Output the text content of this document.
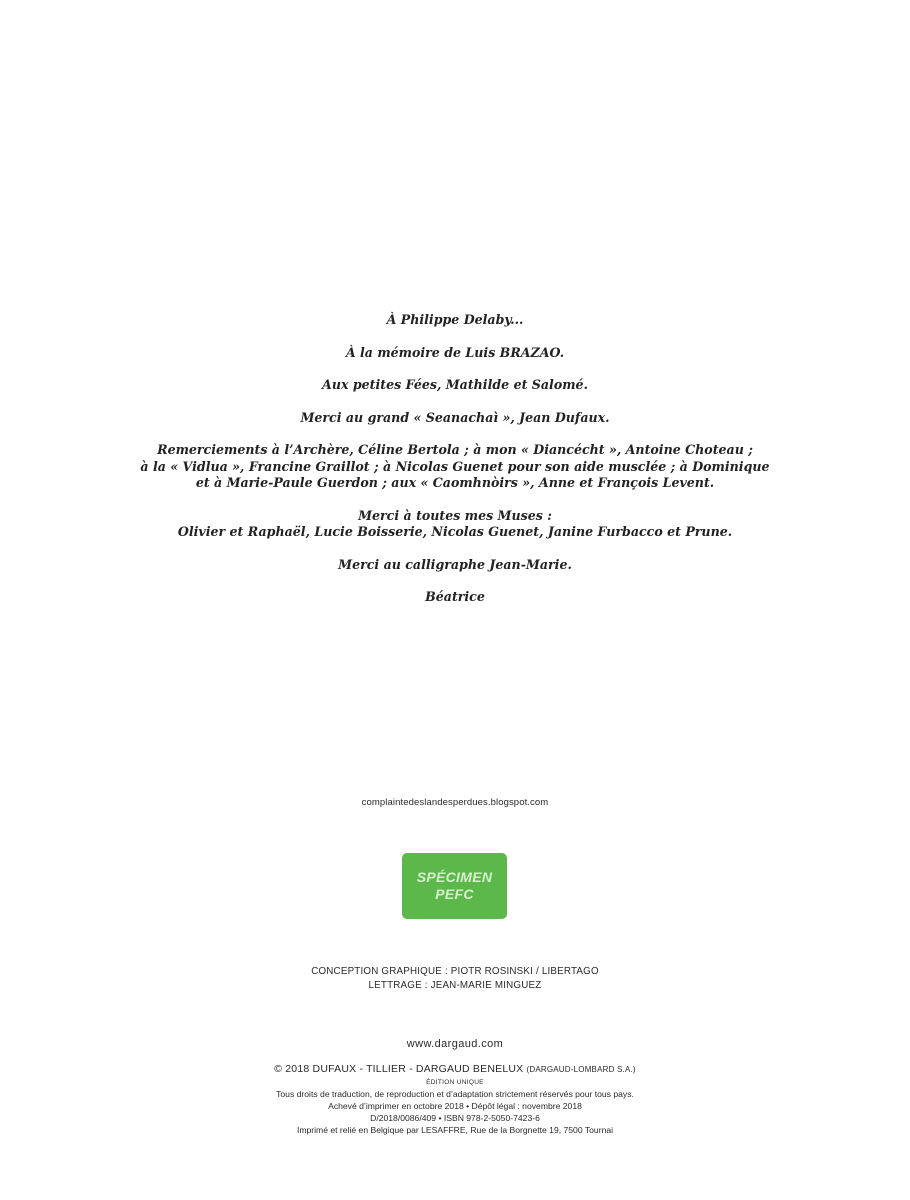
À Philippe Delaby...

À la mémoire de Luis BRAZAO.

Aux petites Fées, Mathilde et Salomé.

Merci au grand « Seanachaì », Jean Dufaux.

Remerciements à l’Archère, Céline Bertola ; à mon « Diancécht », Antoine Choteau ;
à la « Vidlua », Francine Graillot ; à Nicolas Guenet pour son aide musclée ; à Dominique
et à Marie-Paule Guerdon ; aux « Caomhnòirs », Anne et François Levent.

Merci à toutes mes Muses :
Olivier et Raphaël, Lucie Boisserie, Nicolas Guenet, Janine Furbacco et Prune.

Merci au calligraphe Jean-Marie.

Béatrice

complaintedeslandesperdues.blogspot.com
SPÉCIMEN
PEFC
CONCEPTION GRAPHIQUE : PIOTR ROSINSKI / LIBERTAGO
LETTRAGE : JEAN-MARIE MINGUEZ
www.dargaud.com
© 2018 DUFAUX - TILLIER - DARGAUD BENELUX (DARGAUD-LOMBARD S.A.)
ÉDITION UNIQUE
Tous droits de traduction, de reproduction et d’adaptation strictement réservés pour tous pays.
Achevé d’imprimer en octobre 2018 • Dépôt légal : novembre 2018
D/2018/0086/409 • ISBN 978-2-5050-7423-6
Imprimé et relié en Belgique par LESAFFRE, Rue de la Borgnette 19, 7500 Tournai
